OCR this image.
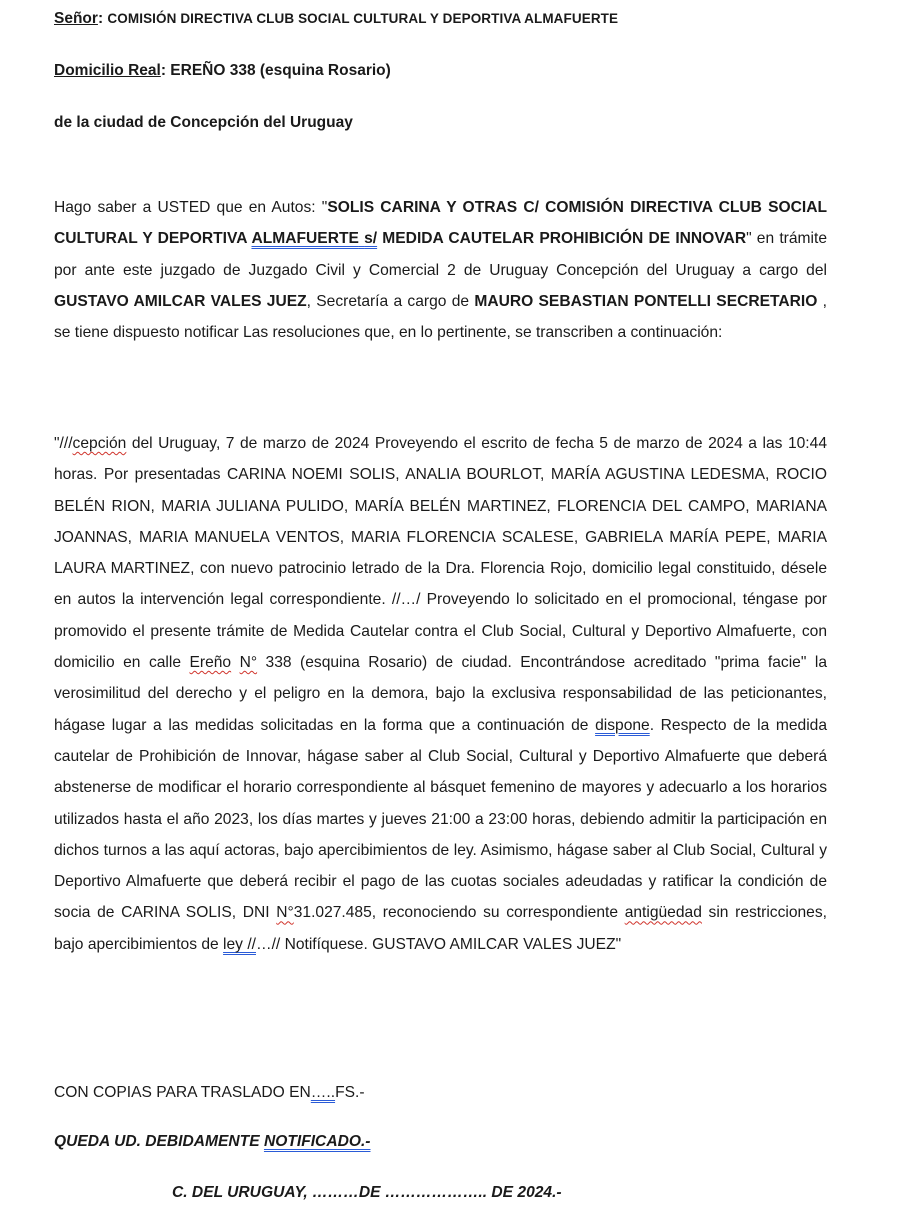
Señor: COMISIÓN DIRECTIVA CLUB SOCIAL CULTURAL Y DEPORTIVA ALMAFUERTE
Domicilio Real: EREÑO 338 (esquina Rosario)
de la ciudad de Concepción del Uruguay
Hago saber a USTED que en Autos: "SOLIS CARINA Y OTRAS C/ COMISIÓN DIRECTIVA CLUB SOCIAL CULTURAL Y DEPORTIVA ALMAFUERTE s/ MEDIDA CAUTELAR PROHIBICIÓN DE INNOVAR" en trámite por ante este juzgado de Juzgado Civil y Comercial 2 de Uruguay Concepción del Uruguay a cargo del GUSTAVO AMILCAR VALES JUEZ, Secretaría a cargo de MAURO SEBASTIAN PONTELLI SECRETARIO , se tiene dispuesto notificar Las resoluciones que, en lo pertinente, se transcriben a continuación:
"///cepción del Uruguay, 7 de marzo de 2024 Proveyendo el escrito de fecha 5 de marzo de 2024 a las 10:44 horas. Por presentadas CARINA NOEMI SOLIS, ANALIA BOURLOT, MARÍA AGUSTINA LEDESMA, ROCIO BELÉN RION, MARIA JULIANA PULIDO, MARÍA BELÉN MARTINEZ, FLORENCIA DEL CAMPO, MARIANA JOANNAS, MARIA MANUELA VENTOS, MARIA FLORENCIA SCALESE, GABRIELA MARÍA PEPE, MARIA LAURA MARTINEZ, con nuevo patrocinio letrado de la Dra. Florencia Rojo, domicilio legal constituido, désele en autos la intervención legal correspondiente. //…/ Proveyendo lo solicitado en el promocional, téngase por promovido el presente trámite de Medida Cautelar contra el Club Social, Cultural y Deportivo Almafuerte, con domicilio en calle Ereño N° 338 (esquina Rosario) de ciudad. Encontrándose acreditado "prima facie" la verosimilitud del derecho y el peligro en la demora, bajo la exclusiva responsabilidad de las peticionantes, hágase lugar a las medidas solicitadas en la forma que a continuación de dispone. Respecto de la medida cautelar de Prohibición de Innovar, hágase saber al Club Social, Cultural y Deportivo Almafuerte que deberá abstenerse de modificar el horario correspondiente al básquet femenino de mayores y adecuarlo a los horarios utilizados hasta el año 2023, los días martes y jueves 21:00 a 23:00 horas, debiendo admitir la participación en dichos turnos a las aquí actoras, bajo apercibimientos de ley. Asimismo, hágase saber al Club Social, Cultural y Deportivo Almafuerte que deberá recibir el pago de las cuotas sociales adeudadas y ratificar la condición de socia de CARINA SOLIS, DNI N°31.027.485, reconociendo su correspondiente antigüedad sin restricciones, bajo apercibimientos de ley //…// Notifíquese. GUSTAVO AMILCAR VALES JUEZ"
CON COPIAS PARA TRASLADO EN…..FS.-
QUEDA UD. DEBIDAMENTE NOTIFICADO.-
C. DEL URUGUAY, ………DE ……………….. DE 2024.-
